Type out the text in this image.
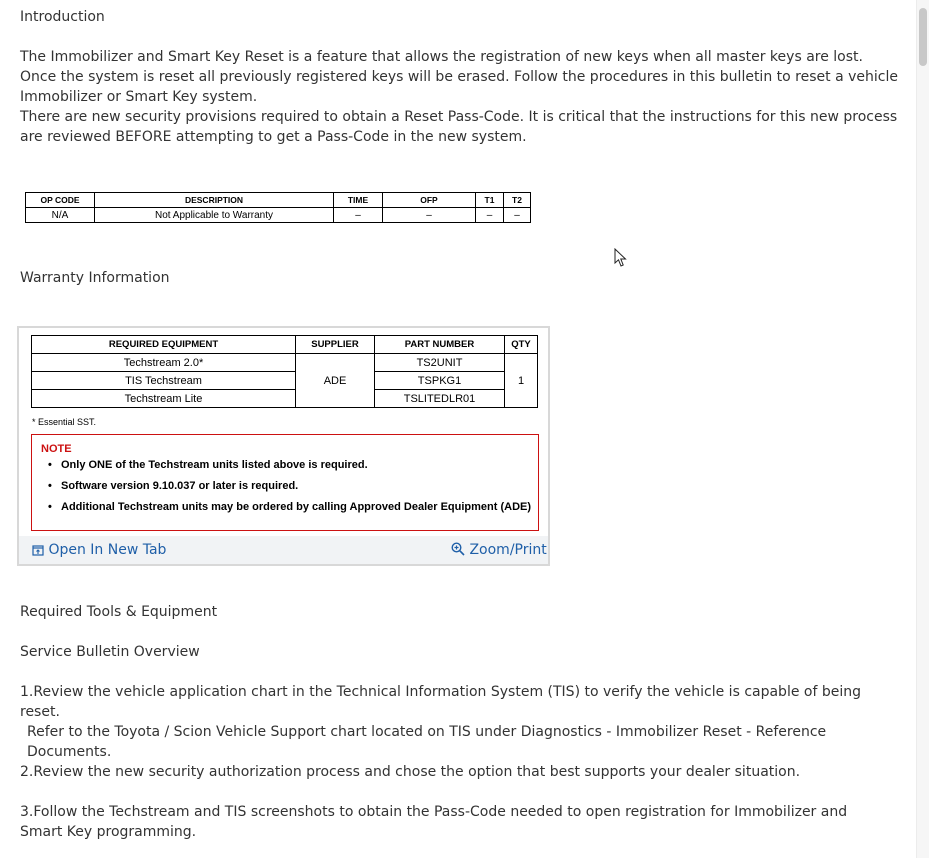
Introduction
The Immobilizer and Smart Key Reset is a feature that allows the registration of new keys when all master keys are lost. Once the system is reset all previously registered keys will be erased. Follow the procedures in this bulletin to reset a vehicle Immobilizer or Smart Key system.
There are new security provisions required to obtain a Reset Pass-Code. It is critical that the instructions for this new process are reviewed BEFORE attempting to get a Pass-Code in the new system.
OP CODE	DESCRIPTION	TIME	OFP	T1	T2
N/A	Not Applicable to Warranty	–	–	–	–
Warranty Information
Required Tools & Equipment
Service Bulletin Overview
1.Review the vehicle application chart in the Technical Information System (TIS) to verify the vehicle is capable of being reset.
Refer to the Toyota / Scion Vehicle Support chart located on TIS under Diagnostics - Immobilizer Reset - Reference Documents.
2.Review the new security authorization process and chose the option that best supports your dealer situation.
3.Follow the Techstream and TIS screenshots to obtain the Pass-Code needed to open registration for Immobilizer and Smart Key programming.
REQUIRED EQUIPMENT	SUPPLIER	PART NUMBER	QTY
Techstream 2.0*	ADE	TS2UNIT	1
TIS Techstream		TSPKG1	
Techstream Lite		TSLITEDLR01	
* Essential SST.
NOTE
• Only ONE of the Techstream units listed above is required.
• Software version 9.10.037 or later is required.
• Additional Techstream units may be ordered by calling Approved Dealer Equipment (ADE)
Open In New Tab	Zoom/Print
